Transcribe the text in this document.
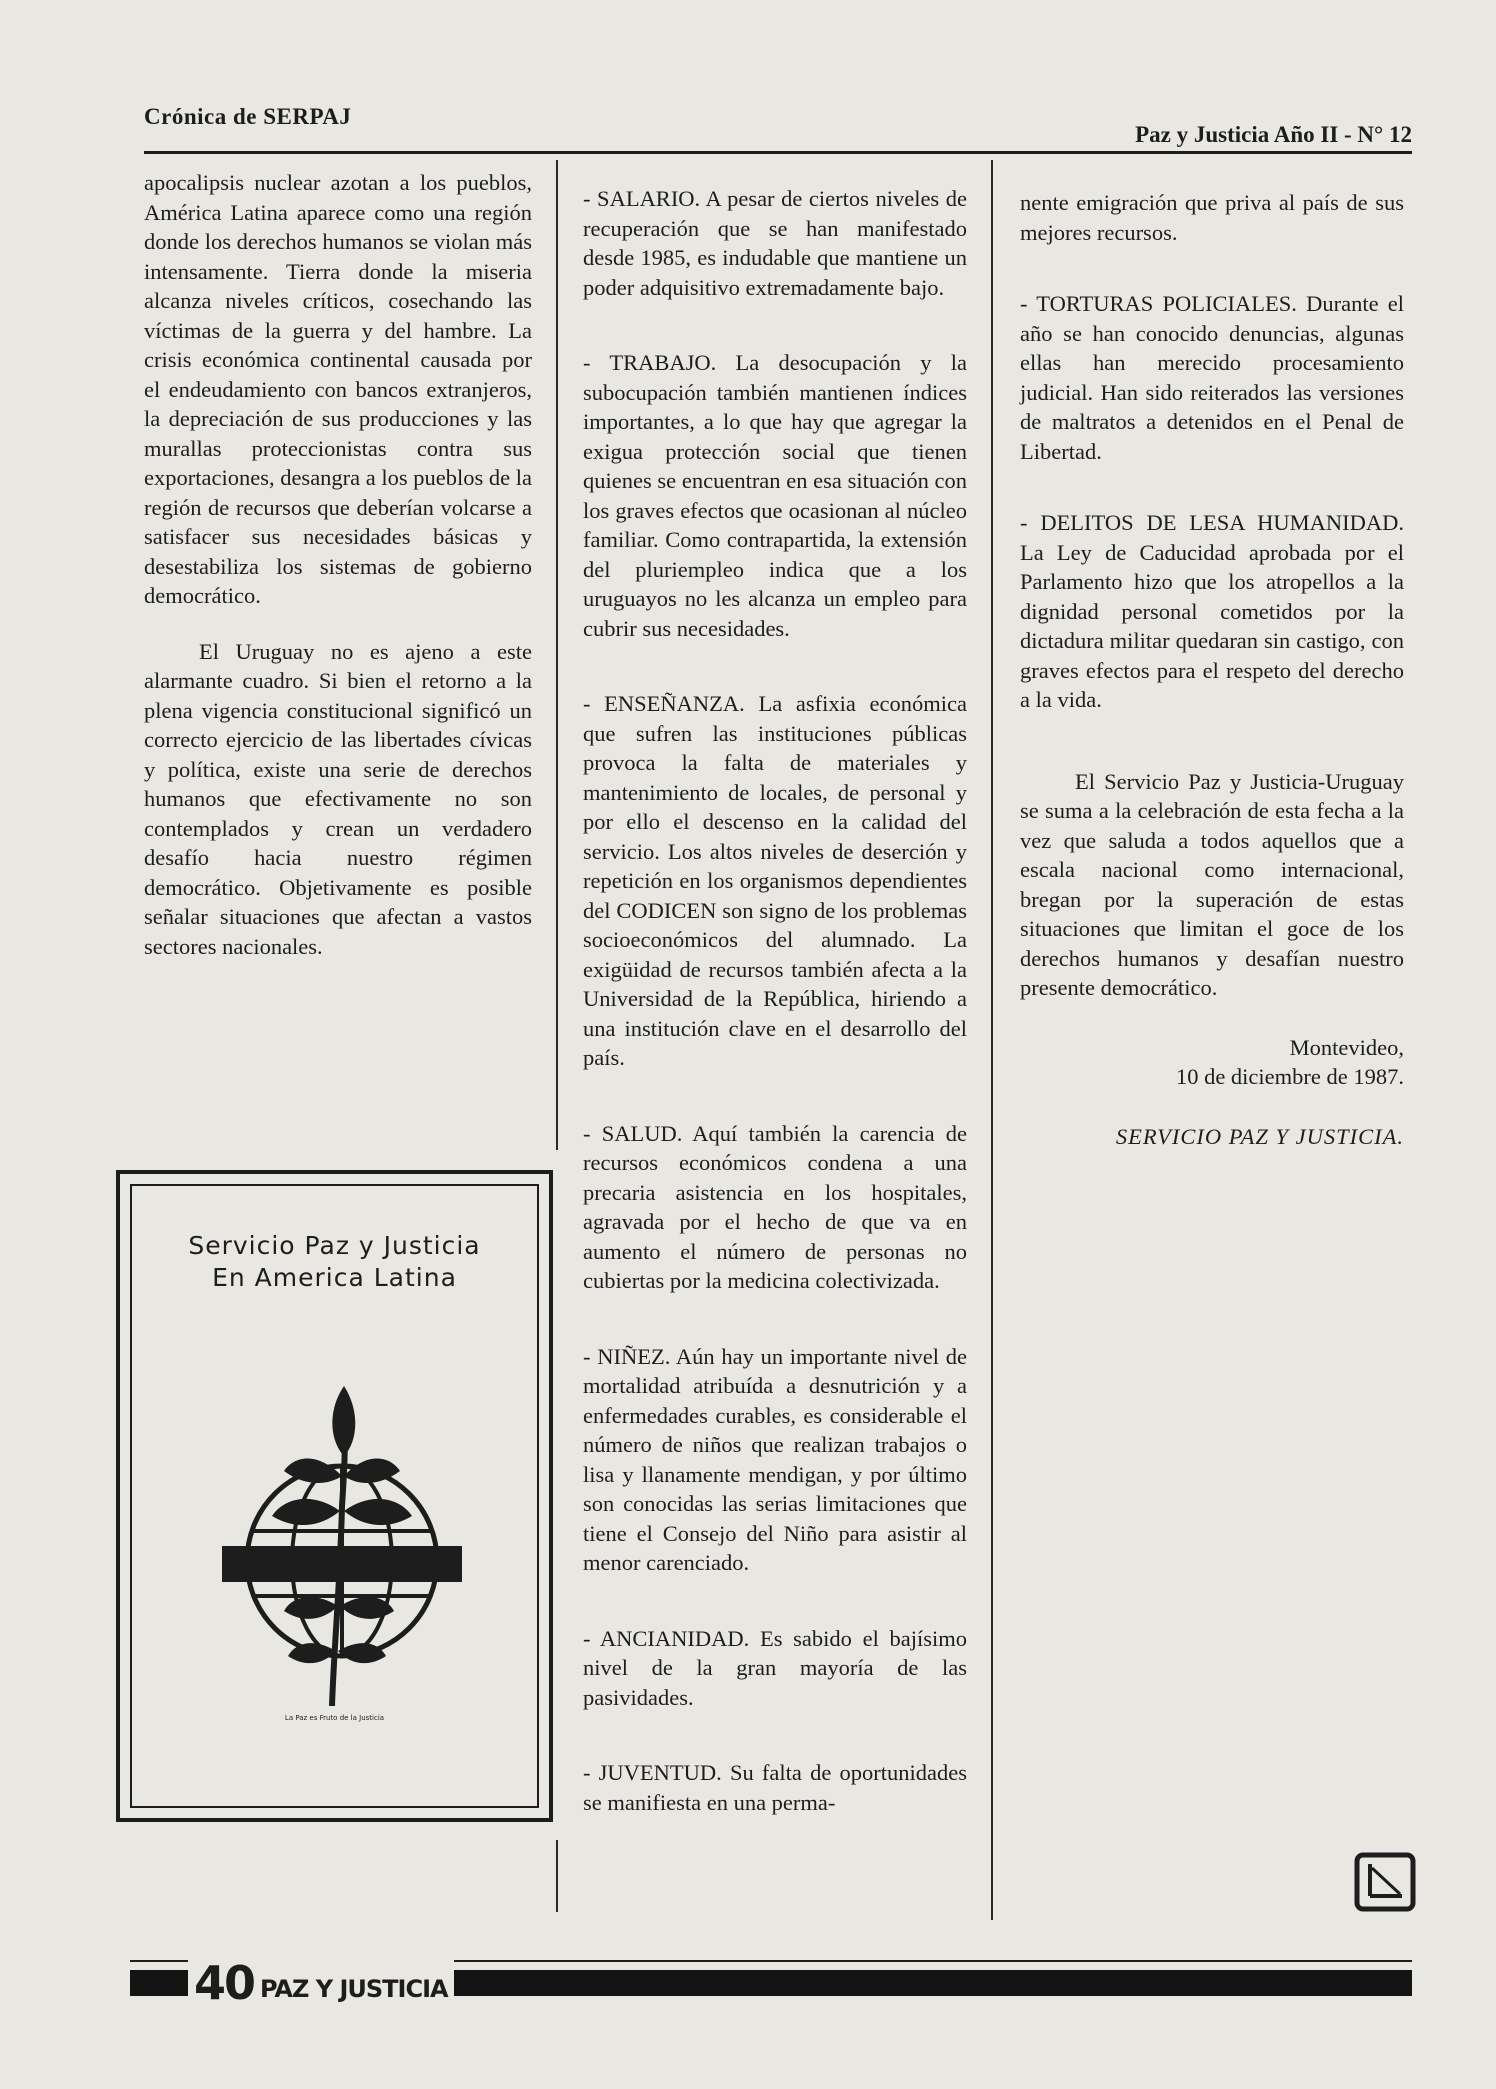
Crónica de SERPAJ
Paz y Justicia Año II - N° 12

apocalipsis nuclear azotan a los pueblos, América Latina aparece como una región donde los derechos humanos se violan más intensamente. Tierra donde la miseria alcanza niveles críticos, cosechando las víctimas de la guerra y del hambre. La crisis económica continental causada por el endeudamiento con bancos extranjeros, la depreciación de sus producciones y las murallas proteccionistas contra sus exportaciones, desangra a los pueblos de la región de recursos que deberían volcarse a satisfacer sus necesidades básicas y desestabiliza los sistemas de gobierno democrático.

El Uruguay no es ajeno a este alarmante cuadro. Si bien el retorno a la plena vigencia constitucional significó un correcto ejercicio de las libertades cívicas y política, existe una serie de derechos humanos que efectivamente no son contemplados y crean un verdadero desafío hacia nuestro régimen democrático. Objetivamente es posible señalar situaciones que afectan a vastos sectores nacionales.

- SALARIO. A pesar de ciertos niveles de recuperación que se han manifestado desde 1985, es indudable que mantiene un poder adquisitivo extremadamente bajo.

- TRABAJO. La desocupación y la subocupación también mantienen índices importantes, a lo que hay que agregar la exigua protección social que tienen quienes se encuentran en esa situación con los graves efectos que ocasionan al núcleo familiar. Como contrapartida, la extensión del pluriempleo indica que a los uruguayos no les alcanza un empleo para cubrir sus necesidades.

- ENSEÑANZA. La asfixia económica que sufren las instituciones públicas provoca la falta de materiales y mantenimiento de locales, de personal y por ello el descenso en la calidad del servicio. Los altos niveles de deserción y repetición en los organismos dependientes del CODICEN son signo de los problemas socioeconómicos del alumnado. La exigüidad de recursos también afecta a la Universidad de la República, hiriendo a una institución clave en el desarrollo del país.

- SALUD. Aquí también la carencia de recursos económicos condena a una precaria asistencia en los hospitales, agravada por el hecho de que va en aumento el número de personas no cubiertas por la medicina colectivizada.

- NIÑEZ. Aún hay un importante nivel de mortalidad atribuída a desnutrición y a enfermedades curables, es considerable el número de niños que realizan trabajos o lisa y llanamente mendigan, y por último son conocidas las serias limitaciones que tiene el Consejo del Niño para asistir al menor carenciado.

- ANCIANIDAD. Es sabido el bajísimo nivel de la gran mayoría de las pasividades.

- JUVENTUD. Su falta de oportunidades se manifiesta en una perma-

nente emigración que priva al país de sus mejores recursos.

- TORTURAS POLICIALES. Durante el año se han conocido denuncias, algunas ellas han merecido procesamiento judicial. Han sido reiterados las versiones de maltratos a detenidos en el Penal de Libertad.

- DELITOS DE LESA HUMANIDAD. La Ley de Caducidad aprobada por el Parlamento hizo que los atropellos a la dignidad personal cometidos por la dictadura militar quedaran sin castigo, con graves efectos para el respeto del derecho a la vida.

El Servicio Paz y Justicia-Uruguay se suma a la celebración de esta fecha a la vez que saluda a todos aquellos que a escala nacional como internacional, bregan por la superación de estas situaciones que limitan el goce de los derechos humanos y desafían nuestro presente democrático.

Montevideo,
10 de diciembre de 1987.
SERVICIO PAZ Y JUSTICIA.
Servicio Paz y Justicia
En America Latina
La Paz es Fruto de la Justicia
40 PAZ Y JUSTICIA
